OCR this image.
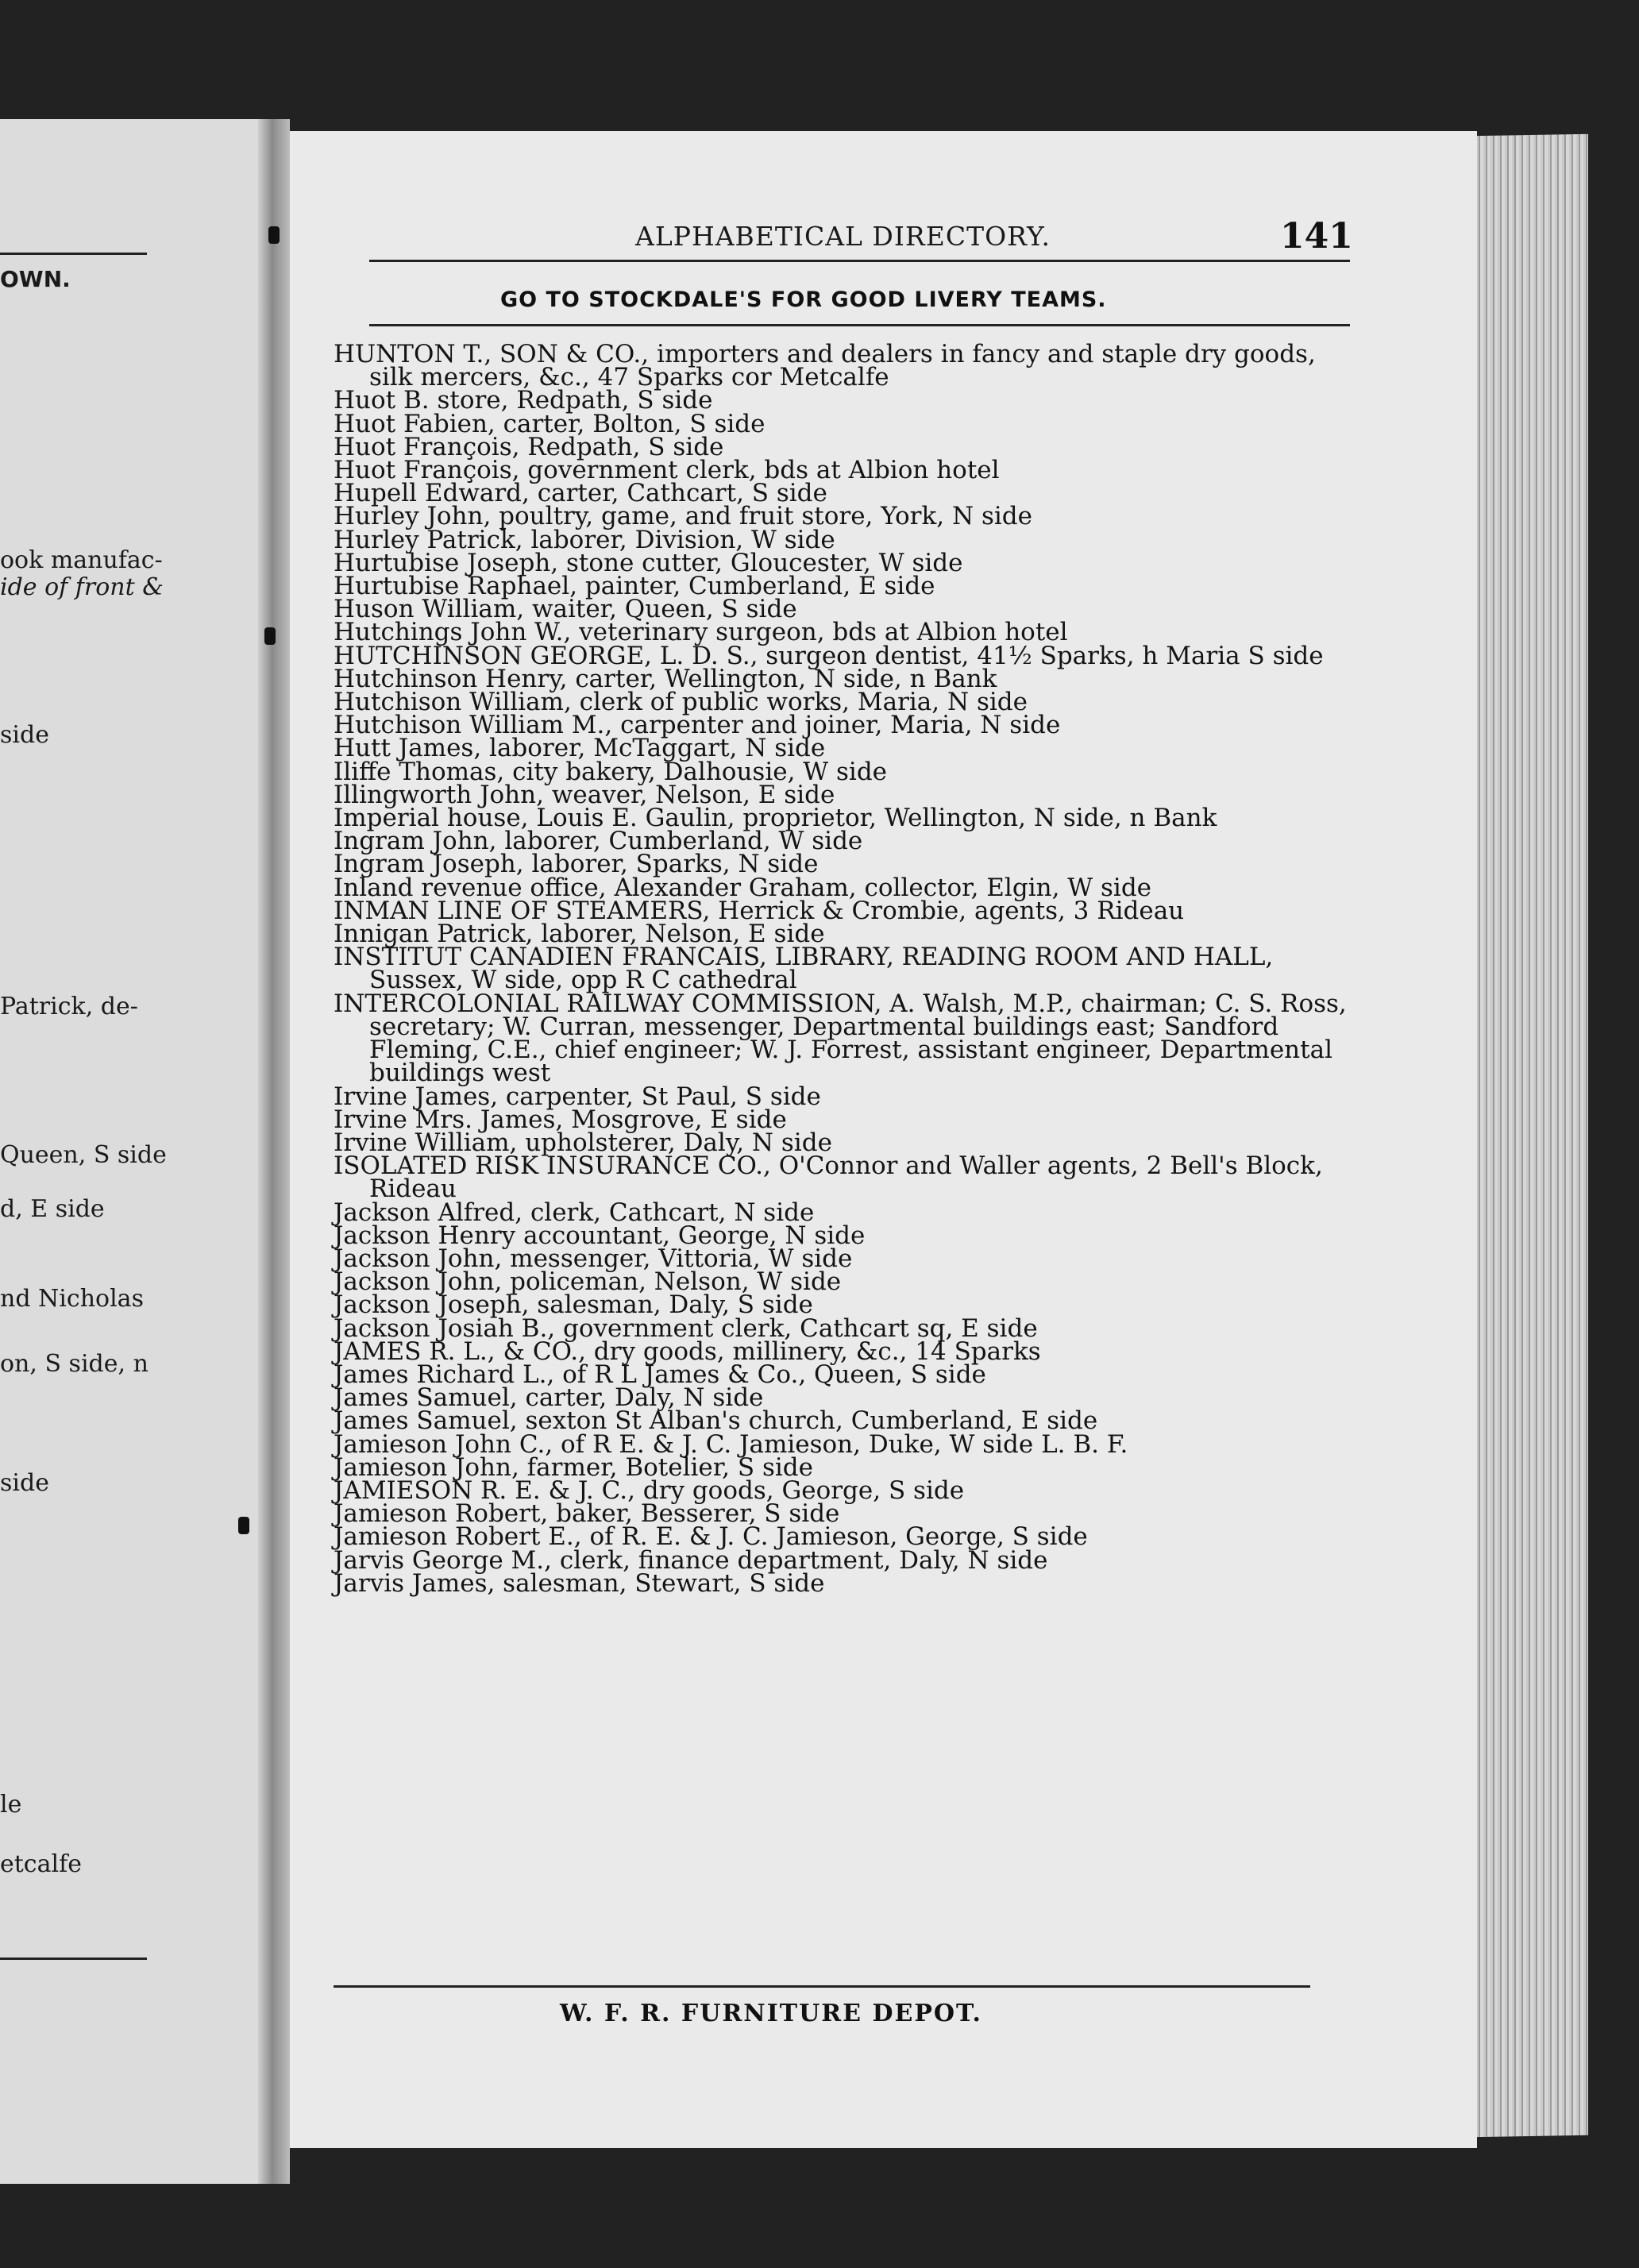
OWN.
ook manufac-
ide of front &
side
Patrick, de-
Queen, S side
d, E side
nd Nicholas
on, S side, n
side
le
etcalfe
ALPHABETICAL DIRECTORY.	141
GO TO STOCKDALE'S FOR GOOD LIVERY TEAMS.

HUNTON T., SON & CO., importers and dealers in fancy and staple dry goods, silk mercers, &c., 47 Sparks cor Metcalfe

Huot B. store, Redpath, S side

Huot Fabien, carter, Bolton, S side

Huot François, Redpath, S side

Huot François, government clerk, bds at Albion hotel

Hupell Edward, carter, Cathcart, S side

Hurley John, poultry, game, and fruit store, York, N side

Hurley Patrick, laborer, Division, W side

Hurtubise Joseph, stone cutter, Gloucester, W side

Hurtubise Raphael, painter, Cumberland, E side

Huson William, waiter, Queen, S side

Hutchings John W., veterinary surgeon, bds at Albion hotel

HUTCHINSON GEORGE, L. D. S., surgeon dentist, 41½ Sparks, h Maria S side

Hutchinson Henry, carter, Wellington, N side, n Bank

Hutchison William, clerk of public works, Maria, N side

Hutchison William M., carpenter and joiner, Maria, N side

Hutt James, laborer, McTaggart, N side

Iliffe Thomas, city bakery, Dalhousie, W side

Illingworth John, weaver, Nelson, E side

Imperial house, Louis E. Gaulin, proprietor, Wellington, N side, n Bank

Ingram John, laborer, Cumberland, W side

Ingram Joseph, laborer, Sparks, N side

Inland revenue office, Alexander Graham, collector, Elgin, W side

INMAN LINE OF STEAMERS, Herrick & Crombie, agents, 3 Rideau

Innigan Patrick, laborer, Nelson, E side

INSTITUT CANADIEN FRANCAIS, LIBRARY, READING ROOM AND HALL, Sussex, W side, opp R C cathedral

INTERCOLONIAL RAILWAY COMMISSION, A. Walsh, M.P., chairman; C. S. Ross, secretary; W. Curran, messenger, Departmental buildings east; Sandford Fleming, C.E., chief engineer; W. J. Forrest, assistant engineer, Departmental buildings west

Irvine James, carpenter, St Paul, S side

Irvine Mrs. James, Mosgrove, E side

Irvine William, upholsterer, Daly, N side

ISOLATED RISK INSURANCE CO., O'Connor and Waller agents, 2 Bell's Block, Rideau

Jackson Alfred, clerk, Cathcart, N side

Jackson Henry accountant, George, N side

Jackson John, messenger, Vittoria, W side

Jackson John, policeman, Nelson, W side

Jackson Joseph, salesman, Daly, S side

Jackson Josiah B., government clerk, Cathcart sq, E side

JAMES R. L., & CO., dry goods, millinery, &c., 14 Sparks

James Richard L., of R L James & Co., Queen, S side

James Samuel, carter, Daly, N side

James Samuel, sexton St Alban's church, Cumberland, E side

Jamieson John C., of R E. & J. C. Jamieson, Duke, W side L. B. F.

Jamieson John, farmer, Botelier, S side

JAMIESON R. E. & J. C., dry goods, George, S side

Jamieson Robert, baker, Besserer, S side

Jamieson Robert E., of R. E. & J. C. Jamieson, George, S side

Jarvis George M., clerk, finance department, Daly, N side

Jarvis James, salesman, Stewart, S side

W. F. R. FURNITURE DEPOT.
